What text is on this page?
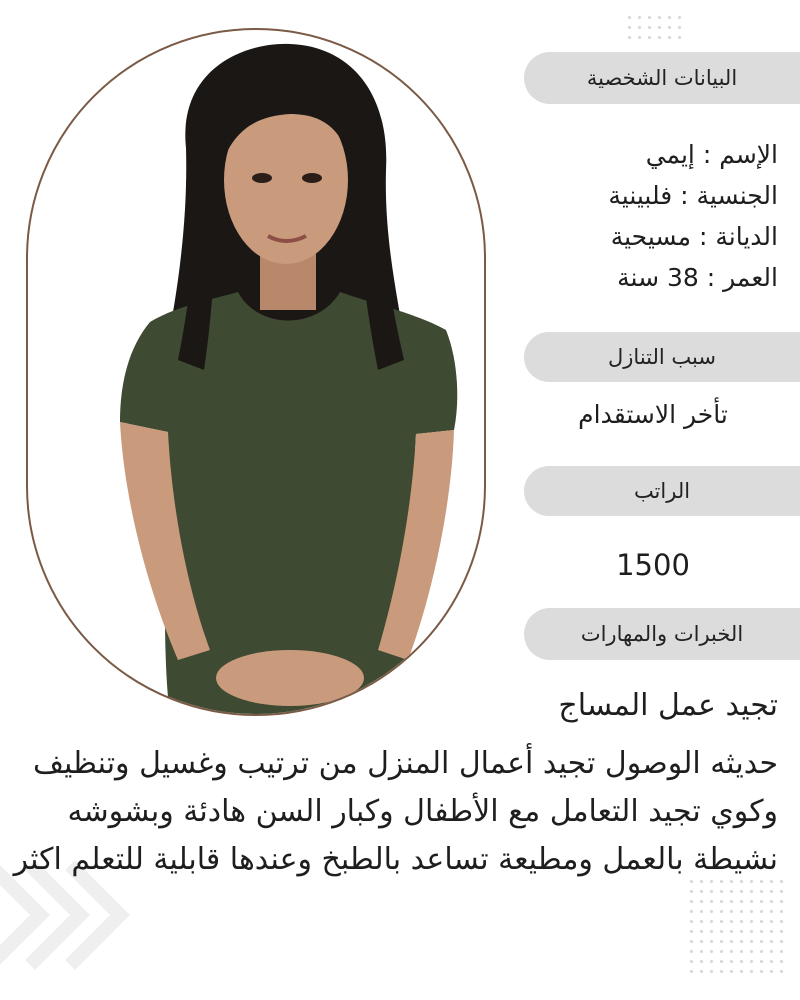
البيانات الشخصية
الإسم : إيمي
الجنسية : فلبينية
الديانة : مسيحية
العمر : 38 سنة
سبب التنازل
تأخر الاستقدام
الراتب
1500
الخبرات والمهارات
تجيد عمل المساج
حديثه الوصول تجيد أعمال المنزل من ترتيب وغسيل وتنظيف وكوي تجيد التعامل مع الأطفال وكبار السن هادئة وبشوشه نشيطة بالعمل ومطيعة تساعد بالطبخ وعندها قابلية للتعلم اكثر
